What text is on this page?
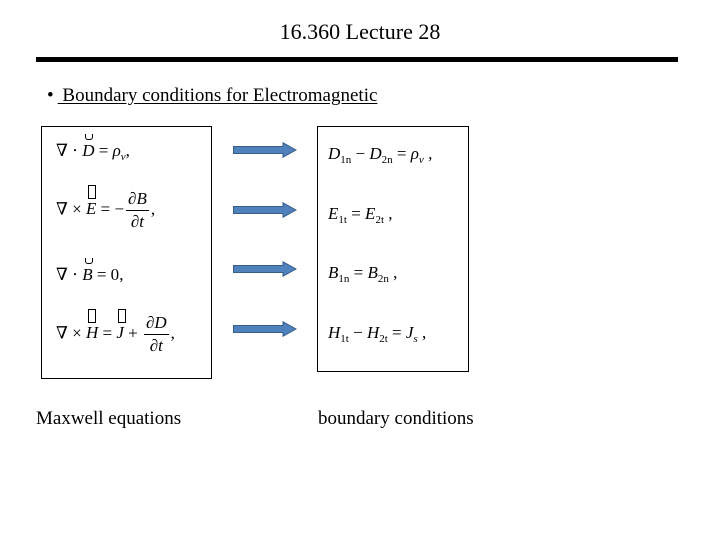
16.360 Lecture 28
• Boundary conditions for Electromagnetic
∇ ⋅ $D = \rho_v$,
∇ × E = − $\frac{\partial B}{\partial t}$ ,
∇ ⋅ B = 0,
∇ × $H = J + \frac{\partial D}{\partial t}$ ,
$D_{1n} - D_{2n} = \rho_v$ ,
$E_{1t} = E_{2t}$ ,
$B_{1n} = B_{2n}$ ,
$H_{1t} - H_{2t} = J_s$ ,
Maxwell equations	boundary conditions
